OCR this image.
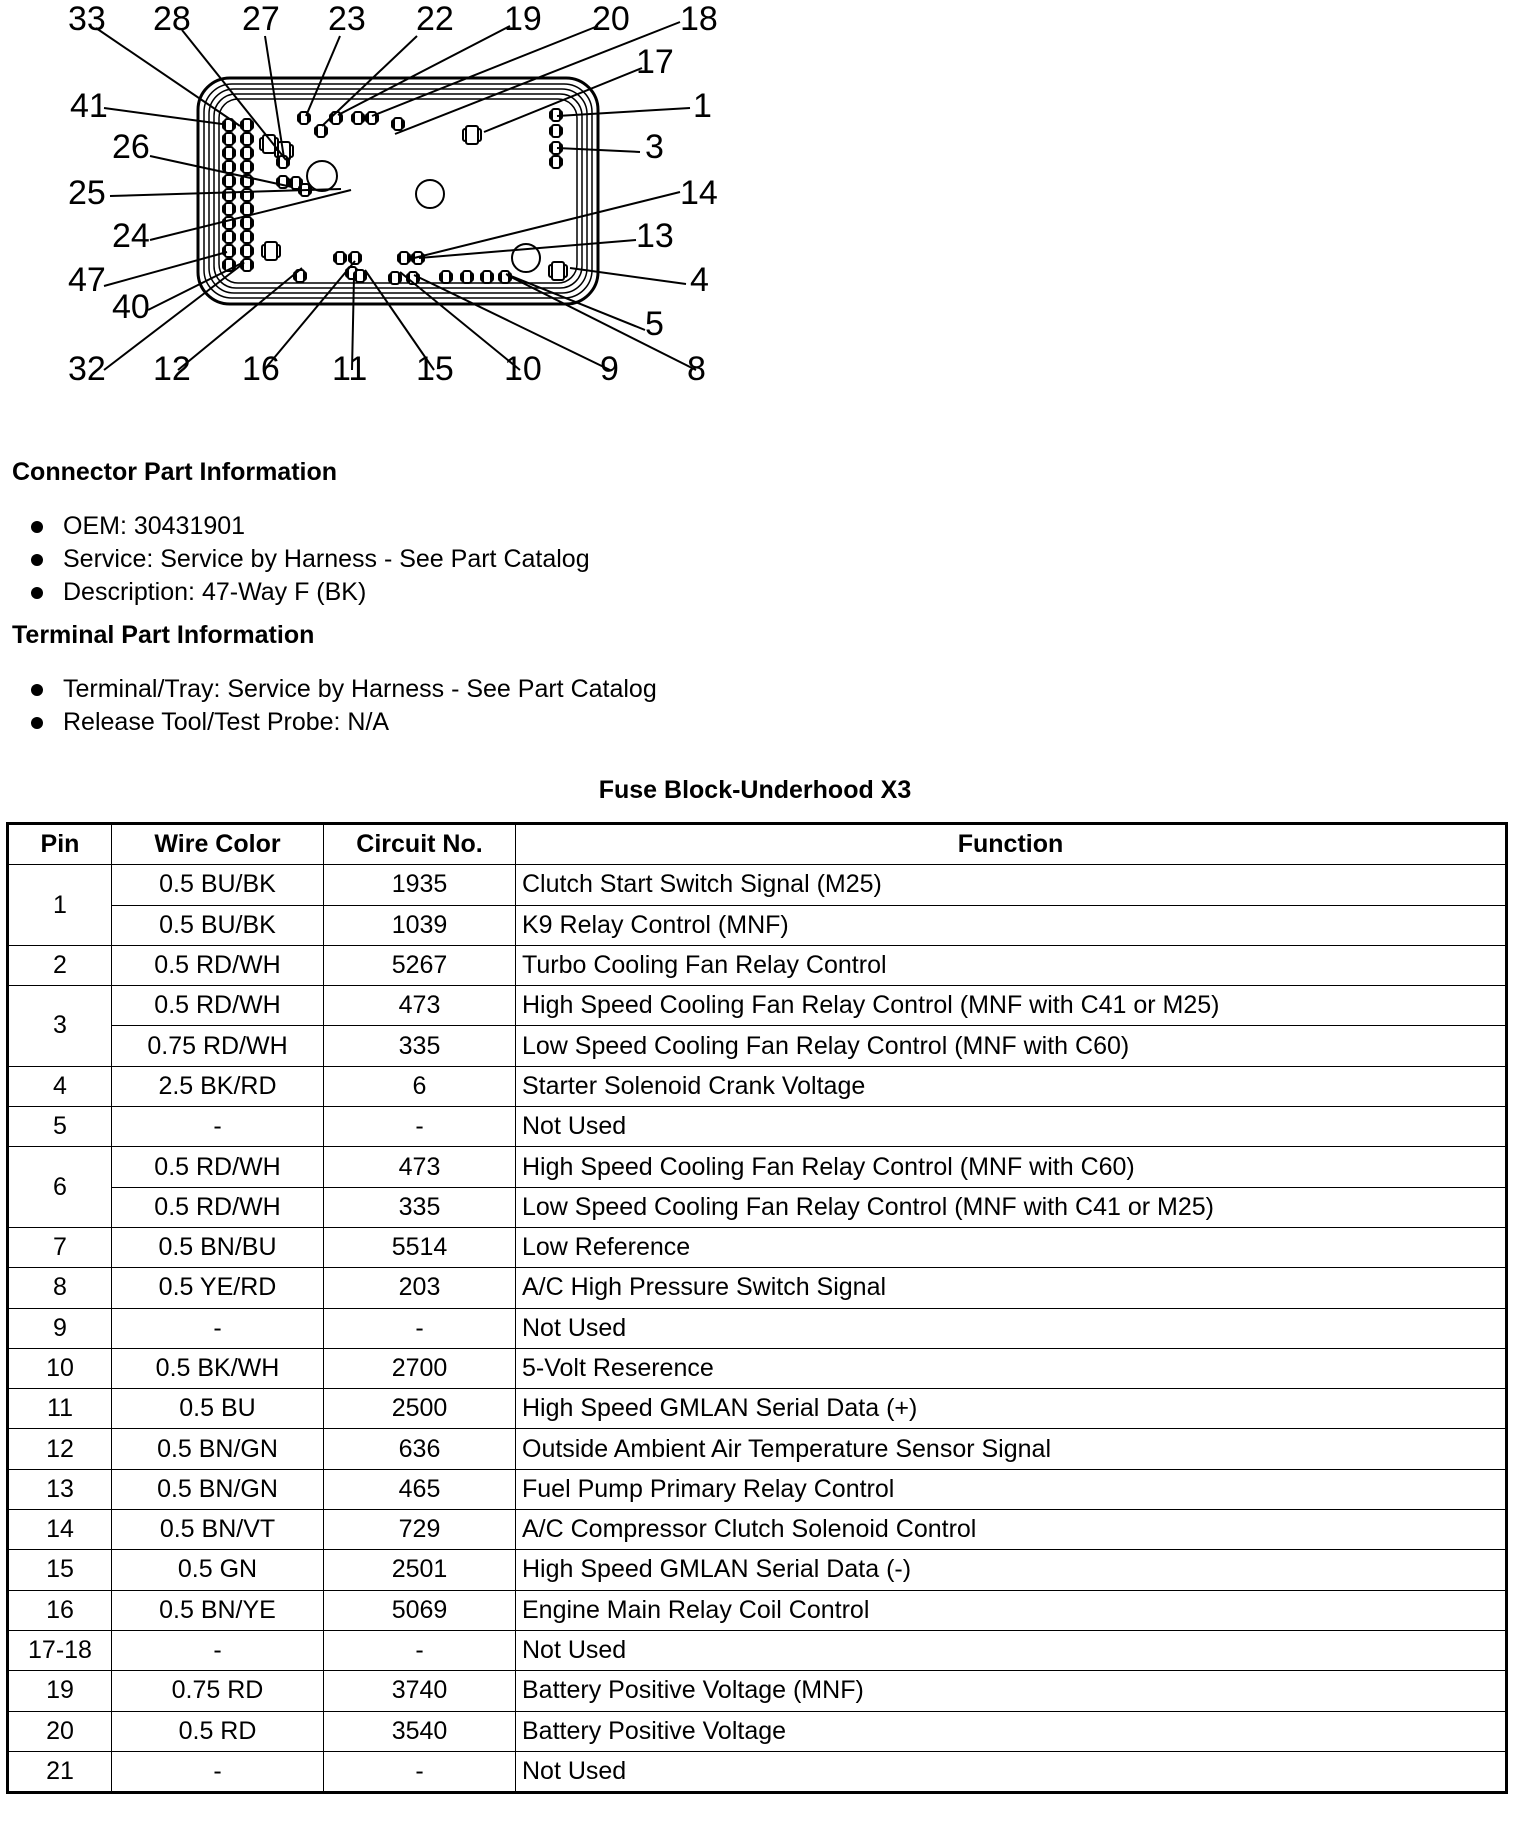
33 28 27 23 22 19 20 18
17
41	1
26	3
25	14
24	13
47	4
40	5
32 12 16 11 15 10 9 8
Connector Part Information
OEM: 30431901
Service: Service by Harness - See Part Catalog
Description: 47-Way F (BK)
Terminal Part Information
Terminal/Tray: Service by Harness - See Part Catalog
Release Tool/Test Probe: N/A
Fuse Block-Underhood X3
Pin	Wire Color	Circuit No.	Function
1	0.5 BU/BK	1935	Clutch Start Switch Signal (M25)
	0.5 BU/BK	1039	K9 Relay Control (MNF)
2	0.5 RD/WH	5267	Turbo Cooling Fan Relay Control
3	0.5 RD/WH	473	High Speed Cooling Fan Relay Control (MNF with C41 or M25)
	0.75 RD/WH	335	Low Speed Cooling Fan Relay Control (MNF with C60)
4	2.5 BK/RD	6	Starter Solenoid Crank Voltage
5	-	-	Not Used
6	0.5 RD/WH	473	High Speed Cooling Fan Relay Control (MNF with C60)
	0.5 RD/WH	335	Low Speed Cooling Fan Relay Control (MNF with C41 or M25)
7	0.5 BN/BU	5514	Low Reference
8	0.5 YE/RD	203	A/C High Pressure Switch Signal
9	-	-	Not Used
10	0.5 BK/WH	2700	5-Volt Reserence
11	0.5 BU	2500	High Speed GMLAN Serial Data (+)
12	0.5 BN/GN	636	Outside Ambient Air Temperature Sensor Signal
13	0.5 BN/GN	465	Fuel Pump Primary Relay Control
14	0.5 BN/VT	729	A/C Compressor Clutch Solenoid Control
15	0.5 GN	2501	High Speed GMLAN Serial Data (-)
16	0.5 BN/YE	5069	Engine Main Relay Coil Control
17-18	-	-	Not Used
19	0.75 RD	3740	Battery Positive Voltage (MNF)
20	0.5 RD	3540	Battery Positive Voltage
21	-	-	Not Used
